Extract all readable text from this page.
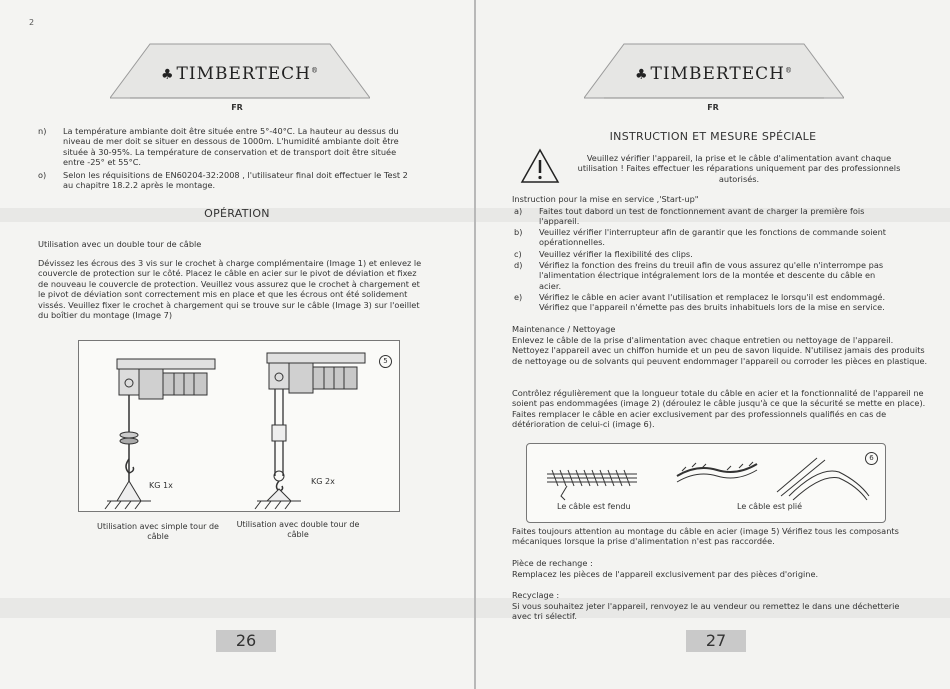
2
♣ TIMBERTECH®
FR
n) La température ambiante doit être située entre 5°-40°C. La hauteur au dessus du niveau de mer doit se situer en dessous de 1000m. L'humidité ambiante doit être située à 30-95%. La température de conservation et de transport doit être située entre -25° et 55°C.
o) Selon les réquisitions de EN60204-32:2008 , l'utilisateur final doit effectuer le Test 2 au chapitre 18.2.2 après le montage.
OPÉRATION
Utilisation avec un double tour de câble
Dévissez les écrous des 3 vis sur le crochet à charge complémentaire (Image 1) et enlevez le couvercle de protection sur le côté. Placez le câble en acier sur le pivot de déviation et fixez de nouveau le couvercle de protection. Veuillez vous assurez que le crochet à chargement et le pivot de déviation sont correctement mis en place et que les écrous ont été solidement vissés. Veuillez fixer le crochet à chargement qui se trouve sur le câble (Image 3) sur l'oeillet du boîtier du montage (Image 7)
5
KG 1x	KG 2x
Utilisation avec simple tour de câble
Utilisation avec double tour de câble
26
♣ TIMBERTECH®
FR
INSTRUCTION ET MESURE SPÉCIALE
Veuillez vérifier l'appareil, la prise et le câble d'alimentation avant chaque utilisation ! Faites effectuer les réparations uniquement par des professionnels autorisés.
Instruction pour la mise en service ,'Start-up"
a) Faites tout dabord un test de fonctionnement avant de charger la première fois l'appareil.
b) Veuillez vérifier l'interrupteur afin de garantir que les fonctions de commande soient opérationnelles.
c) Veuillez vérifier la flexibilité des clips.
d) Vérifiez la fonction des freins du treuil afin de vous assurez qu'elle n'interrompe pas l'alimentation électrique intégralement lors de la montée et descente du câble en acier.
e) Vérifiez le câble en acier avant l'utilisation et remplacez le lorsqu'il est endommagé. Vérifiez que l'appareil n'émette pas des bruits inhabituels lors de la mise en service.
Maintenance / Nettoyage
Enlevez le câble de la prise d'alimentation avec chaque entretien ou nettoyage de l'appareil. Nettoyez l'appareil avec un chiffon humide et un peu de savon liquide. N'utilisez jamais des produits de nettoyage ou de solvants qui peuvent endommager l'appareil ou corroder les pièces en plastique.
Contrôlez régulièrement que la longueur totale du câble en acier et la fonctionnalité de l'appareil ne soient pas endommagées (image 2) (déroulez le câble jusqu'à ce que la sécurité se mette en place). Faites remplacer le câble en acier exclusivement par des professionnels qualifiés en cas de détérioration de celui-ci (image 6).
6
Le câble est fendu	Le câble est plié
Faites toujours attention au montage du câble en acier (image 5) Vérifiez tous les composants mécaniques lorsque la prise d'alimentation n'est pas raccordée.
Pièce de rechange :
Remplacez les pièces de l'appareil exclusivement par des pièces d'origine.
Recyclage :
Si vous souhaitez jeter l'appareil, renvoyez le au vendeur ou remettez le dans une déchetterie avec tri sélectif.
27
